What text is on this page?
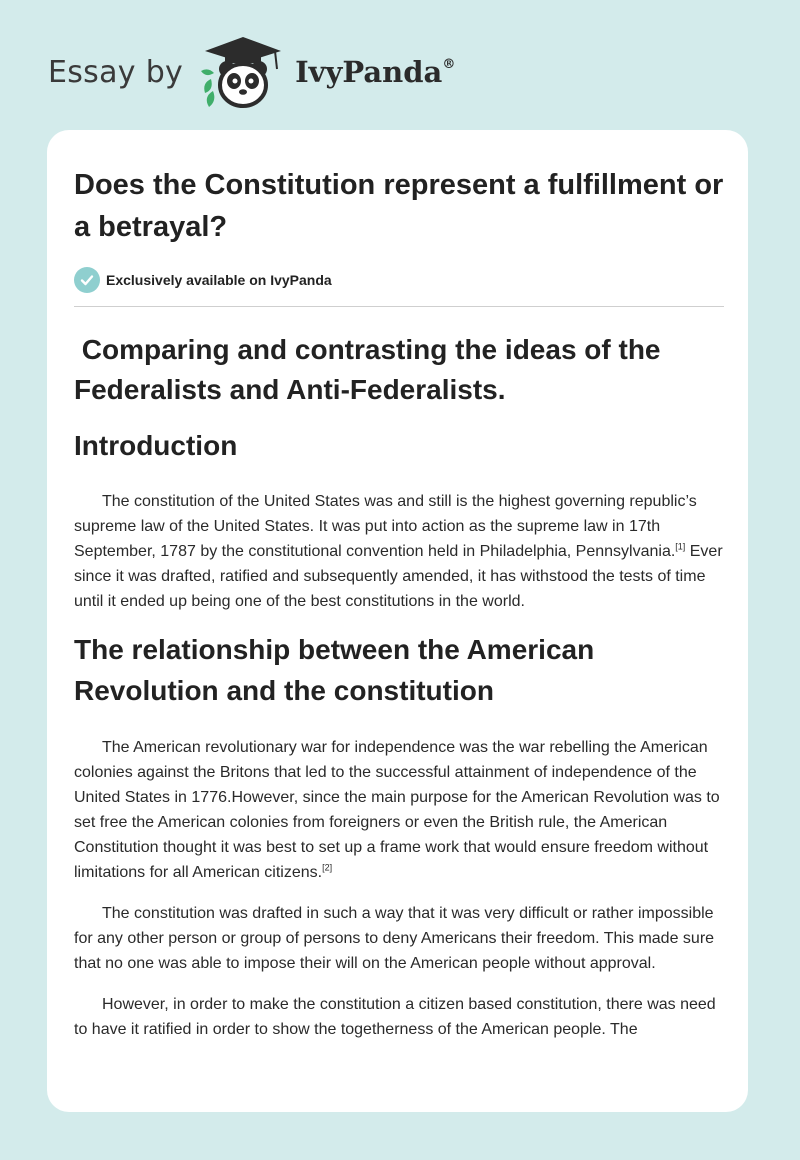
Essay by	IvyPanda®
Does the Constitution represent a fulfillment or a betrayal?
Exclusively available on IvyPanda
Comparing and contrasting the ideas of the Federalists and Anti-Federalists.
Introduction

The constitution of the United States was and still is the highest governing republic’s supreme law of the United States. It was put into action as the supreme law in 17th September, 1787 by the constitutional convention held in Philadelphia, Pennsylvania.[1] Ever since it was drafted, ratified and subsequently amended, it has withstood the tests of time until it ended up being one of the best constitutions in the world.

The relationship between the American Revolution and the constitution

The American revolutionary war for independence was the war rebelling the American colonies against the Britons that led to the successful attainment of independence of the United States in 1776.However, since the main purpose for the American Revolution was to set free the American colonies from foreigners or even the British rule, the American Constitution thought it was best to set up a frame work that would ensure freedom without limitations for all American citizens.[2]

The constitution was drafted in such a way that it was very difficult or rather impossible for any other person or group of persons to deny Americans their freedom. This made sure that no one was able to impose their will on the American people without approval.

However, in order to make the constitution a citizen based constitution, there was need to have it ratified in order to show the togetherness of the American people. The
